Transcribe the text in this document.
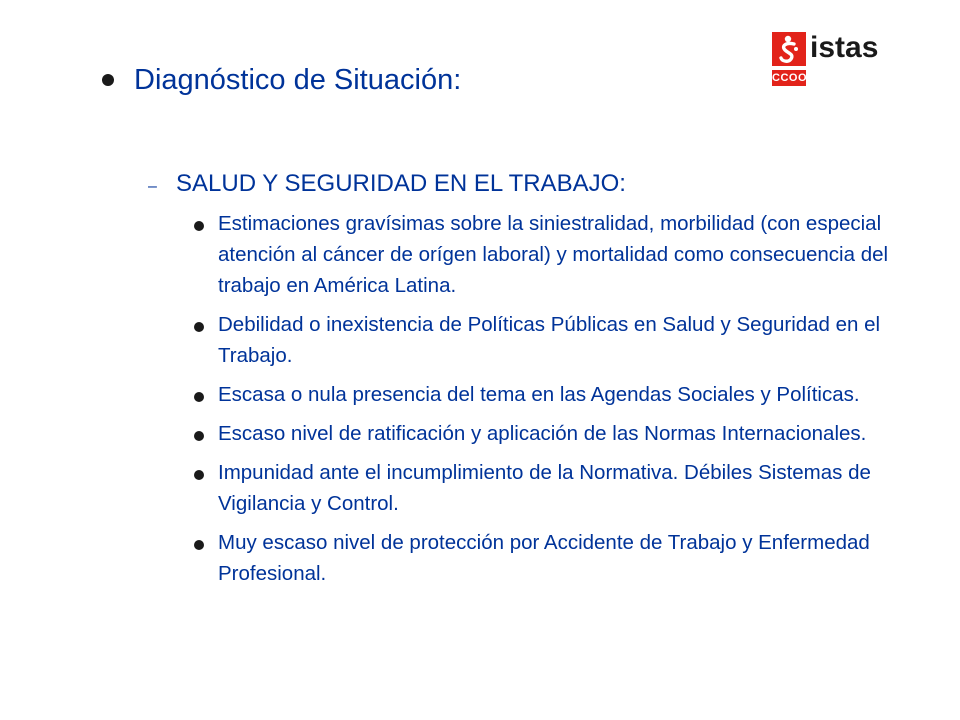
istas
CCOO
Diagnóstico de Situación:
– SALUD Y SEGURIDAD EN EL TRABAJO:
Estimaciones gravísimas sobre la siniestralidad, morbilidad (con especial atención al cáncer de orígen laboral) y mortalidad como consecuencia del trabajo en América Latina.
Debilidad o inexistencia de Políticas Públicas en Salud y Seguridad en el Trabajo.
Escasa o nula presencia del tema en las Agendas Sociales y Políticas.
Escaso nivel de ratificación y aplicación de las Normas Internacionales.
Impunidad ante el incumplimiento de la Normativa. Débiles Sistemas de Vigilancia y Control.
Muy escaso nivel de protección por Accidente de Trabajo y Enfermedad Profesional.
